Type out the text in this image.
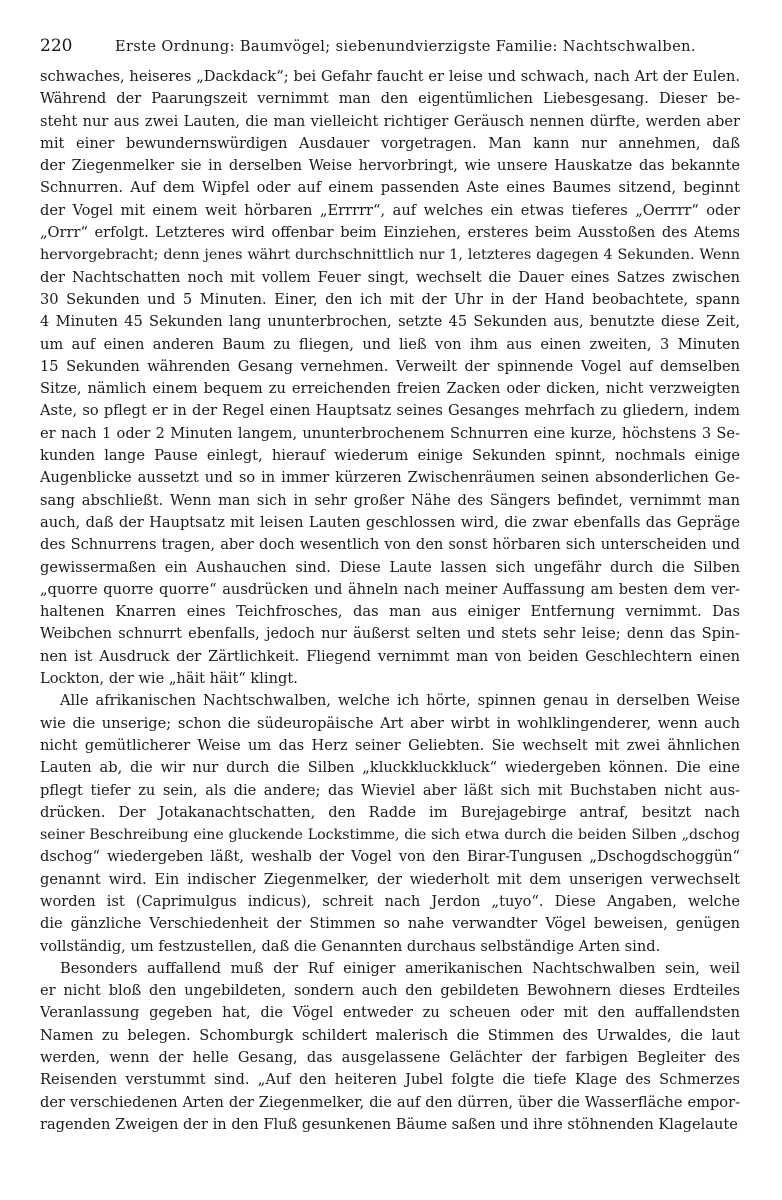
220	Erste Ordnung: Baumvögel; siebenundvierzigste Familie: Nachtschwalben.
schwaches, heiseres „Dackdack“; bei Gefahr faucht er leise und schwach, nach Art der Eulen.
Während der Paarungszeit vernimmt man den eigentümlichen Liebesgesang. Dieser be-
steht nur aus zwei Lauten, die man vielleicht richtiger Geräusch nennen dürfte, werden aber
mit einer bewundernswürdigen Ausdauer vorgetragen. Man kann nur annehmen, daß
der Ziegenmelker sie in derselben Weise hervorbringt, wie unsere Hauskatze das bekannte
Schnurren. Auf dem Wipfel oder auf einem passenden Aste eines Baumes sitzend, beginnt
der Vogel mit einem weit hörbaren „Errrrr“, auf welches ein etwas tieferes „Oerrrr“ oder
„Orrr“ erfolgt. Letzteres wird offenbar beim Einziehen, ersteres beim Ausstoßen des Atems
hervorgebracht; denn jenes währt durchschnittlich nur 1, letzteres dagegen 4 Sekunden. Wenn
der Nachtschatten noch mit vollem Feuer singt, wechselt die Dauer eines Satzes zwischen
30 Sekunden und 5 Minuten. Einer, den ich mit der Uhr in der Hand beobachtete, spann
4 Minuten 45 Sekunden lang ununterbrochen, setzte 45 Sekunden aus, benutzte diese Zeit,
um auf einen anderen Baum zu fliegen, und ließ von ihm aus einen zweiten, 3 Minuten
15 Sekunden währenden Gesang vernehmen. Verweilt der spinnende Vogel auf demselben
Sitze, nämlich einem bequem zu erreichenden freien Zacken oder dicken, nicht verzweigten
Aste, so pflegt er in der Regel einen Hauptsatz seines Gesanges mehrfach zu gliedern, indem
er nach 1 oder 2 Minuten langem, ununterbrochenem Schnurren eine kurze, höchstens 3 Se-
kunden lange Pause einlegt, hierauf wiederum einige Sekunden spinnt, nochmals einige
Augenblicke aussetzt und so in immer kürzeren Zwischenräumen seinen absonderlichen Ge-
sang abschließt. Wenn man sich in sehr großer Nähe des Sängers befindet, vernimmt man
auch, daß der Hauptsatz mit leisen Lauten geschlossen wird, die zwar ebenfalls das Gepräge
des Schnurrens tragen, aber doch wesentlich von den sonst hörbaren sich unterscheiden und
gewissermaßen ein Aushauchen sind. Diese Laute lassen sich ungefähr durch die Silben
„quorre quorre quorre“ ausdrücken und ähneln nach meiner Auffassung am besten dem ver-
haltenen Knarren eines Teichfrosches, das man aus einiger Entfernung vernimmt. Das
Weibchen schnurrt ebenfalls, jedoch nur äußerst selten und stets sehr leise; denn das Spin-
nen ist Ausdruck der Zärtlichkeit. Fliegend vernimmt man von beiden Geschlechtern einen
Lockton, der wie „häit häit“ klingt.
Alle afrikanischen Nachtschwalben, welche ich hörte, spinnen genau in derselben Weise
wie die unserige; schon die südeuropäische Art aber wirbt in wohlklingenderer, wenn auch
nicht gemütlicherer Weise um das Herz seiner Geliebten. Sie wechselt mit zwei ähnlichen
Lauten ab, die wir nur durch die Silben „kluckkluckkluck“ wiedergeben können. Die eine
pflegt tiefer zu sein, als die andere; das Wieviel aber läßt sich mit Buchstaben nicht aus-
drücken. Der Jotakanachtschatten, den Radde im Burejagebirge antraf, besitzt nach
seiner Beschreibung eine gluckende Lockstimme, die sich etwa durch die beiden Silben „dschog
dschog“ wiedergeben läßt, weshalb der Vogel von den Birar-Tungusen „Dschogdschoggün“
genannt wird. Ein indischer Ziegenmelker, der wiederholt mit dem unserigen verwechselt
worden ist (Caprimulgus indicus), schreit nach Jerdon „tuyo“. Diese Angaben, welche
die gänzliche Verschiedenheit der Stimmen so nahe verwandter Vögel beweisen, genügen
vollständig, um festzustellen, daß die Genannten durchaus selbständige Arten sind.
Besonders auffallend muß der Ruf einiger amerikanischen Nachtschwalben sein, weil
er nicht bloß den ungebildeten, sondern auch den gebildeten Bewohnern dieses Erdteiles
Veranlassung gegeben hat, die Vögel entweder zu scheuen oder mit den auffallendsten
Namen zu belegen. Schomburgk schildert malerisch die Stimmen des Urwaldes, die laut
werden, wenn der helle Gesang, das ausgelassene Gelächter der farbigen Begleiter des
Reisenden verstummt sind. „Auf den heiteren Jubel folgte die tiefe Klage des Schmerzes
der verschiedenen Arten der Ziegenmelker, die auf den dürren, über die Wasserfläche empor-
ragenden Zweigen der in den Fluß gesunkenen Bäume saßen und ihre stöhnenden Klagelaute
